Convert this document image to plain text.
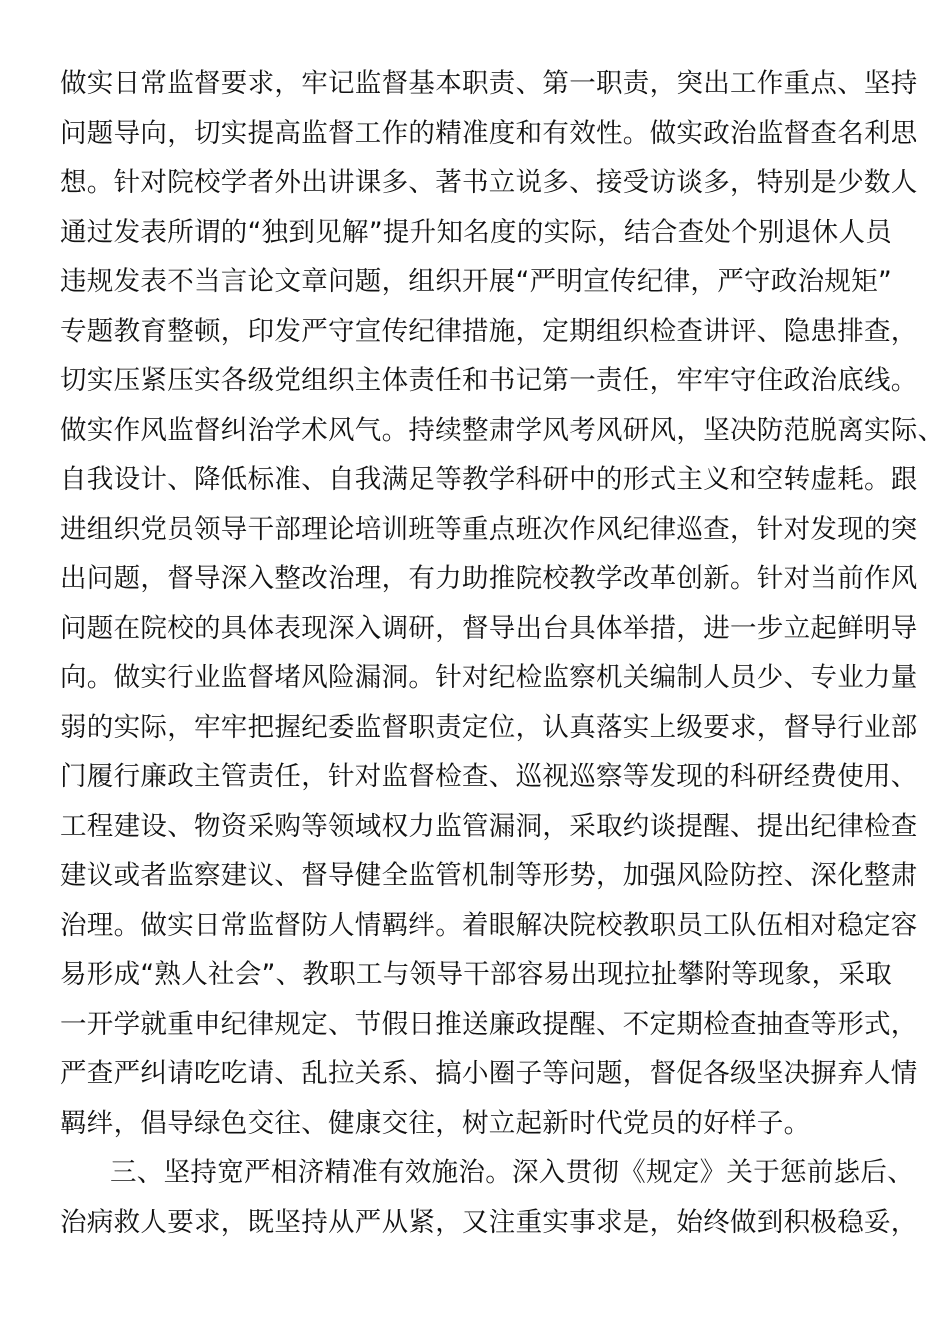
做实日常监督要求，牢记监督基本职责、第一职责，突出工作重点、坚持
问题导向，切实提高监督工作的精准度和有效性。做实政治监督查名利思
想。针对院校学者外出讲课多、著书立说多、接受访谈多，特别是少数人
通过发表所谓的“独到见解”提升知名度的实际，结合查处个别退休人员
违规发表不当言论文章问题，组织开展“严明宣传纪律，严守政治规矩”
专题教育整顿，印发严守宣传纪律措施，定期组织检查讲评、隐患排查，
切实压紧压实各级党组织主体责任和书记第一责任，牢牢守住政治底线。
做实作风监督纠治学术风气。持续整肃学风考风研风，坚决防范脱离实际、
自我设计、降低标准、自我满足等教学科研中的形式主义和空转虚耗。跟
进组织党员领导干部理论培训班等重点班次作风纪律巡查，针对发现的突
出问题，督导深入整改治理，有力助推院校教学改革创新。针对当前作风
问题在院校的具体表现深入调研，督导出台具体举措，进一步立起鲜明导
向。做实行业监督堵风险漏洞。针对纪检监察机关编制人员少、专业力量
弱的实际，牢牢把握纪委监督职责定位，认真落实上级要求，督导行业部
门履行廉政主管责任，针对监督检查、巡视巡察等发现的科研经费使用、
工程建设、物资采购等领域权力监管漏洞，采取约谈提醒、提出纪律检查
建议或者监察建议、督导健全监管机制等形势，加强风险防控、深化整肃
治理。做实日常监督防人情羁绊。着眼解决院校教职员工队伍相对稳定容
易形成“熟人社会”、教职工与领导干部容易出现拉扯攀附等现象，采取
一开学就重申纪律规定、节假日推送廉政提醒、不定期检查抽查等形式，
严查严纠请吃吃请、乱拉关系、搞小圈子等问题，督促各级坚决摒弃人情
羁绊，倡导绿色交往、健康交往，树立起新时代党员的好样子。
三、坚持宽严相济精准有效施治。深入贯彻《规定》关于惩前毖后、
治病救人要求，既坚持从严从紧，又注重实事求是，始终做到积极稳妥，
